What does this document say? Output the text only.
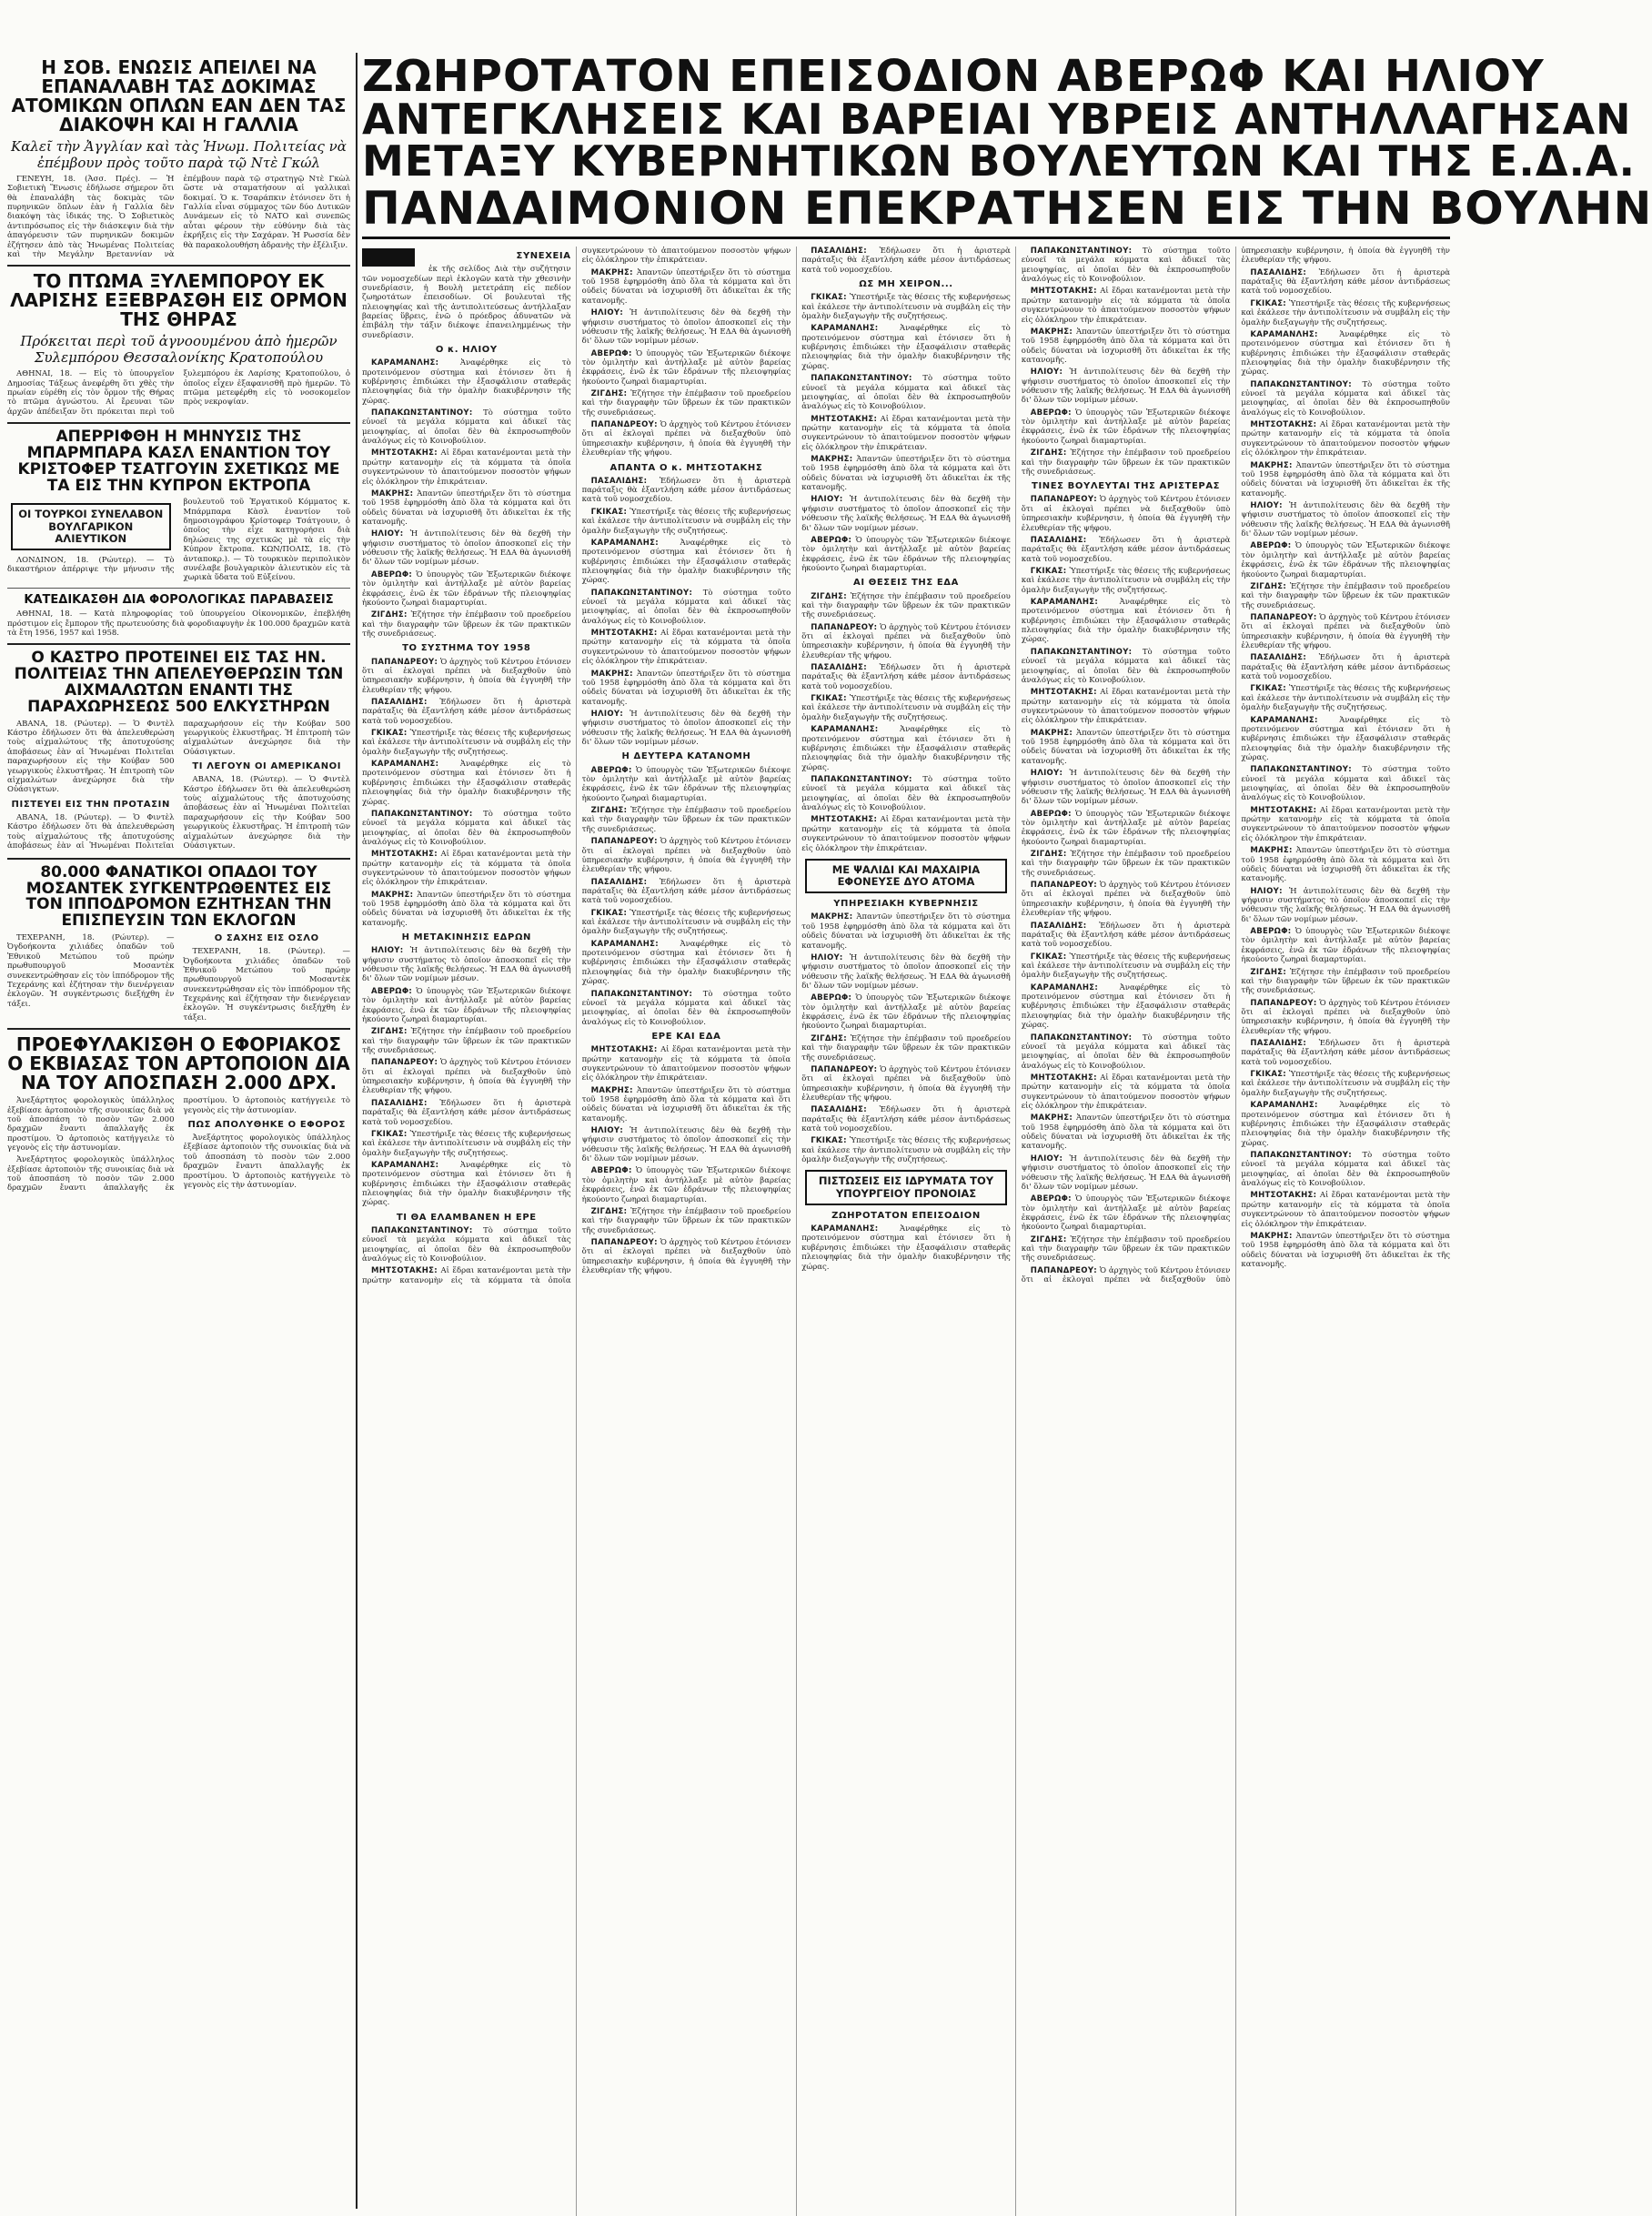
Η ΣΟΒ. ΕΝΩΣΙΣ ΑΠΕΙΛΕΙ ΝΑ ΕΠΑΝΑΛΑΒΗ ΤΑΣ ΔΟΚΙΜΑΣ ΑΤΟΜΙΚΩΝ ΟΠΛΩΝ ΕΑΝ ΔΕΝ ΤΑΣ ΔΙΑΚΟΨΗ ΚΑΙ Η ΓΑΛΛΙΑ
Καλεῖ τὴν Ἀγγλίαν καὶ τὰς Ἡνωμ. Πολιτείας νὰ ἐπέμβουν πρὸς τοῦτο παρὰ τῷ Ντὲ Γκώλ

ΓΕΝΕΥΗ, 18. (Ἀσσ. Πρές). — Ἡ Σοβιετικὴ Ἕνωσις ἐδήλωσε σήμερον ὅτι θὰ ἐπαναλάβη τὰς δοκιμὰς τῶν πυρηνικῶν ὅπλων ἐὰν ἡ Γαλλία δὲν διακόψη τὰς ἰδικάς της. Ὁ Σοβιετικὸς ἀντιπρόσωπος εἰς τὴν διάσκεψιν διὰ τὴν ἀπαγόρευσιν τῶν πυρηνικῶν δοκιμῶν ἐζήτησεν ἀπὸ τὰς Ἡνωμένας Πολιτείας καὶ τὴν Μεγάλην Βρεταννίαν νὰ ἐπέμβουν παρὰ τῷ στρατηγῷ Ντὲ Γκὼλ ὥστε νὰ σταματήσουν αἱ γαλλικαὶ δοκιμαί. Ὁ κ. Τσαράπκιν ἐτόνισεν ὅτι ἡ Γαλλία εἶναι σύμμαχος τῶν δύο Δυτικῶν Δυνάμεων εἰς τὸ ΝΑΤΟ καὶ συνεπῶς αὗται φέρουν τὴν εὐθύνην διὰ τὰς ἐκρήξεις εἰς τὴν Σαχάραν. Ἡ Ρωσσία δὲν θὰ παρακολουθήση ἀδρανὴς τὴν ἐξέλιξιν.

ΤΟ ΠΤΩΜΑ ΞΥΛΕΜΠΟΡΟΥ ΕΚ ΛΑΡΙΣΗΣ ΕΞΕΒΡΑΣΘΗ ΕΙΣ ΟΡΜΟΝ ΤΗΣ ΘΗΡΑΣ
Πρόκειται περὶ τοῦ ἀγνοουμένου ἀπὸ ἡμερῶν Συλεμπόρου Θεσσαλονίκης Κρατοπούλου

ΑΘΗΝΑΙ, 18. — Εἰς τὸ ὑπουργεῖον Δημοσίας Τάξεως ἀνεφέρθη ὅτι χθὲς τὴν πρωίαν εὑρέθη εἰς τὸν ὅρμον τῆς Θήρας τὸ πτῶμα ἀγνώστου. Αἱ ἔρευναι τῶν ἀρχῶν ἀπέδειξαν ὅτι πρόκειται περὶ τοῦ ξυλεμπόρου ἐκ Λαρίσης Κρατοπούλου, ὁ ὁποῖος εἶχεν ἐξαφανισθῆ πρὸ ἡμερῶν. Τὸ πτῶμα μετεφέρθη εἰς τὸ νοσοκομεῖον πρὸς νεκροψίαν.

ΑΠΕΡΡΙΦΘΗ Η ΜΗΝΥΣΙΣ ΤΗΣ ΜΠΑΡΜΠΑΡΑ ΚΑΣΛ ΕΝΑΝΤΙΟΝ ΤΟΥ ΚΡΙΣΤΟΦΕΡ ΤΣΑΤΓΟΥΙΝ ΣΧΕΤΙΚΩΣ ΜΕ ΤΑ ΕΙΣ ΤΗΝ ΚΥΠΡΟΝ ΕΚΤΡΟΠΑ
ΟΙ ΤΟΥΡΚΟΙ ΣΥΝΕΛΑΒΟΝ ΒΟΥΛΓΑΡΙΚΟΝ ΑΛΙΕΥΤΙΚΟΝ

ΛΟΝΔΙΝΟΝ, 18. (Ρώυτερ). — Τὸ δικαστήριον ἀπέρριψε τὴν μήνυσιν τῆς βουλευτοῦ τοῦ Ἐργατικοῦ Κόμματος κ. Μπάρμπαρα Κὰσλ ἐναντίον τοῦ δημοσιογράφου Κρίστοφερ Τσάτγουιν, ὁ ὁποῖος τὴν εἶχε κατηγορήσει διὰ δηλώσεις της σχετικῶς μὲ τὰ εἰς τὴν Κύπρον ἔκτροπα. ΚΩΝ/ΠΟΛΙΣ, 18. (Τὸ ἀνταποκρ.). — Τὸ τουρκικὸν περιπολικὸν συνέλαβε βουλγαρικὸν ἀλιευτικὸν εἰς τὰ χωρικὰ ὕδατα τοῦ Εὐξείνου.

ΚΑΤΕΔΙΚΑΣΘΗ ΔΙΑ ΦΟΡΟΛΟΓΙΚΑΣ ΠΑΡΑΒΑΣΕΙΣ

ΑΘΗΝΑΙ, 18. — Κατὰ πληροφορίας τοῦ ὑπουργείου Οἰκονομικῶν, ἐπεβλήθη πρόστιμον εἰς ἔμπορον τῆς πρωτευούσης διὰ φοροδιαφυγὴν ἐκ 100.000 δραχμῶν κατὰ τὰ ἔτη 1956, 1957 καὶ 1958.

Ο ΚΑΣΤΡΟ ΠΡΟΤΕΙΝΕΙ ΕΙΣ ΤΑΣ ΗΝ. ΠΟΛΙΤΕΙΑΣ ΤΗΝ ΑΠΕΛΕΥΘΕΡΩΣΙΝ ΤΩΝ ΑΙΧΜΑΛΩΤΩΝ ΕΝΑΝΤΙ ΤΗΣ ΠΑΡΑΧΩΡΗΣΕΩΣ 500 ΕΛΚΥΣΤΗΡΩΝ

ΑΒΑΝΑ, 18. (Ρώυτερ). — Ὁ Φιντὲλ Κάστρο ἐδήλωσεν ὅτι θὰ ἀπελευθερώση τοὺς αἰχμαλώτους τῆς ἀποτυχούσης ἀποβάσεως ἐὰν αἱ Ἡνωμέναι Πολιτεῖαι παραχωρήσουν εἰς τὴν Κούβαν 500 γεωργικοὺς ἐλκυστῆρας. Ἡ ἐπιτροπὴ τῶν αἰχμαλώτων ἀνεχώρησε διὰ τὴν Οὐάσιγκτων.

ΠΙΣΤΕΥΕΙ ΕΙΣ ΤΗΝ ΠΡΟΤΑΣΙΝ

ΑΒΑΝΑ, 18. (Ρώυτερ). — Ὁ Φιντὲλ Κάστρο ἐδήλωσεν ὅτι θὰ ἀπελευθερώση τοὺς αἰχμαλώτους τῆς ἀποτυχούσης ἀποβάσεως ἐὰν αἱ Ἡνωμέναι Πολιτεῖαι παραχωρήσουν εἰς τὴν Κούβαν 500 γεωργικοὺς ἐλκυστῆρας. Ἡ ἐπιτροπὴ τῶν αἰχμαλώτων ἀνεχώρησε διὰ τὴν Οὐάσιγκτων.

ΤΙ ΛΕΓΟΥΝ ΟΙ ΑΜΕΡΙΚΑΝΟΙ

ΑΒΑΝΑ, 18. (Ρώυτερ). — Ὁ Φιντὲλ Κάστρο ἐδήλωσεν ὅτι θὰ ἀπελευθερώση τοὺς αἰχμαλώτους τῆς ἀποτυχούσης ἀποβάσεως ἐὰν αἱ Ἡνωμέναι Πολιτεῖαι παραχωρήσουν εἰς τὴν Κούβαν 500 γεωργικοὺς ἐλκυστῆρας. Ἡ ἐπιτροπὴ τῶν αἰχμαλώτων ἀνεχώρησε διὰ τὴν Οὐάσιγκτων.

80.000 ΦΑΝΑΤΙΚΟΙ ΟΠΑΔΟΙ ΤΟΥ ΜΟΣΑΝΤΕΚ ΣΥΓΚΕΝΤΡΩΘΕΝΤΕΣ ΕΙΣ ΤΟΝ ΙΠΠΟΔΡΟΜΟΝ ΕΖΗΤΗΣΑΝ ΤΗΝ ΕΠΙΣΠΕΥΣΙΝ ΤΩΝ ΕΚΛΟΓΩΝ

ΤΕΧΕΡΑΝΗ, 18. (Ρώυτερ). — Ὀγδοήκοντα χιλιάδες ὀπαδῶν τοῦ Ἐθνικοῦ Μετώπου τοῦ πρώην πρωθυπουργοῦ Μοσαντὲκ συνεκεντρώθησαν εἰς τὸν ἱππόδρομον τῆς Τεχεράνης καὶ ἐζήτησαν τὴν διενέργειαν ἐκλογῶν. Ἡ συγκέντρωσις διεξήχθη ἐν τάξει.

Ο ΣΑΧΗΣ ΕΙΣ ΟΣΛΟ

ΤΕΧΕΡΑΝΗ, 18. (Ρώυτερ). — Ὀγδοήκοντα χιλιάδες ὀπαδῶν τοῦ Ἐθνικοῦ Μετώπου τοῦ πρώην πρωθυπουργοῦ Μοσαντὲκ συνεκεντρώθησαν εἰς τὸν ἱππόδρομον τῆς Τεχεράνης καὶ ἐζήτησαν τὴν διενέργειαν ἐκλογῶν. Ἡ συγκέντρωσις διεξήχθη ἐν τάξει.

ΠΡΟΕΦΥΛΑΚΙΣΘΗ Ο ΕΦΟΡΙΑΚΟΣ Ο ΕΚΒΙΑΣΑΣ ΤΟΝ ΑΡΤΟΠΟΙΟΝ ΔΙΑ ΝΑ ΤΟΥ ΑΠΟΣΠΑΣΗ 2.000 ΔΡΧ.

Ἀνεξάρτητος φορολογικὸς ὑπάλληλος ἐξεβίασε ἀρτοποιὸν τῆς συνοικίας διὰ νὰ τοῦ ἀποσπάση τὸ ποσὸν τῶν 2.000 δραχμῶν ἔναντι ἀπαλλαγῆς ἐκ προστίμου. Ὁ ἀρτοποιὸς κατήγγειλε τὸ γεγονὸς εἰς τὴν ἀστυνομίαν.

Ἀνεξάρτητος φορολογικὸς ὑπάλληλος ἐξεβίασε ἀρτοποιὸν τῆς συνοικίας διὰ νὰ τοῦ ἀποσπάση τὸ ποσὸν τῶν 2.000 δραχμῶν ἔναντι ἀπαλλαγῆς ἐκ προστίμου. Ὁ ἀρτοποιὸς κατήγγειλε τὸ γεγονὸς εἰς τὴν ἀστυνομίαν.

ΠΩΣ ΑΠΟΛΥΘΗΚΕ Ο ΕΦΟΡΟΣ

Ἀνεξάρτητος φορολογικὸς ὑπάλληλος ἐξεβίασε ἀρτοποιὸν τῆς συνοικίας διὰ νὰ τοῦ ἀποσπάση τὸ ποσὸν τῶν 2.000 δραχμῶν ἔναντι ἀπαλλαγῆς ἐκ προστίμου. Ὁ ἀρτοποιὸς κατήγγειλε τὸ γεγονὸς εἰς τὴν ἀστυνομίαν.

ΖΩΗΡΟΤΑΤΟΝ ΕΠΕΙΣΟΔΙΟΝ ΑΒΕΡΩΦ ΚΑΙ ΗΛΙΟΥ
ΑΝΤΕΓΚΛΗΣΕΙΣ ΚΑΙ ΒΑΡΕΙΑΙ ΥΒΡΕΙΣ ΑΝΤΗΛΛΑΓΗΣΑΝ
ΜΕΤΑΞΥ ΚΥΒΕΡΝΗΤΙΚΩΝ ΒΟΥΛΕΥΤΩΝ ΚΑΙ ΤΗΣ Ε.Δ.Α.
ΠΑΝΔΑΙΜΟΝΙΟΝ ΕΠΕΚΡΑΤΗΣΕΝ ΕΙΣ ΤΗΝ ΒΟΥΛΗΝ
ΣΥΝΕΧΕΙΑ

ἐκ τῆς σελίδος Διὰ τὴν συζήτησιν τῶν νομοσχεδίων περὶ ἐκλογῶν κατὰ τὴν χθεσινὴν συνεδρίασιν, ἡ Βουλὴ μετετράπη εἰς πεδίον ζωηροτάτων ἐπεισοδίων. Οἱ βουλευταὶ τῆς πλειοψηφίας καὶ τῆς ἀντιπολιτεύσεως ἀντήλλαξαν βαρείας ὕβρεις, ἐνῶ ὁ πρόεδρος ἀδυνατῶν νὰ ἐπιβάλη τὴν τάξιν διέκοψε ἐπανειλημμένως τὴν συνεδρίασιν.

Ο κ. ΗΛΙΟΥ

ΚΑΡΑΜΑΝΛΗΣ: Ἀναφέρθηκε εἰς τὸ προτεινόμενον σύστημα καὶ ἐτόνισεν ὅτι ἡ κυβέρνησις ἐπιδιώκει τὴν ἐξασφάλισιν σταθερᾶς πλειοψηφίας διὰ τὴν ὁμαλὴν διακυβέρνησιν τῆς χώρας.

ΠΑΠΑΚΩΝΣΤΑΝΤΙΝΟΥ: Τὸ σύστημα τοῦτο εὐνοεῖ τὰ μεγάλα κόμματα καὶ ἀδικεῖ τὰς μειοψηφίας, αἱ ὁποῖαι δὲν θὰ ἐκπροσωπηθοῦν ἀναλόγως εἰς τὸ Κοινοβούλιον.

ΜΗΤΣΟΤΑΚΗΣ: Αἱ ἕδραι κατανέμονται μετὰ τὴν πρώτην κατανομὴν εἰς τὰ κόμματα τὰ ὁποῖα συγκεντρώνουν τὸ ἀπαιτούμενον ποσοστὸν ψήφων εἰς ὁλόκληρον τὴν ἐπικράτειαν.

ΜΑΚΡΗΣ: Ἀπαντῶν ὑπεστήριξεν ὅτι τὸ σύστημα τοῦ 1958 ἐφηρμόσθη ἀπὸ ὅλα τὰ κόμματα καὶ ὅτι οὐδεὶς δύναται νὰ ἰσχυρισθῆ ὅτι ἀδικεῖται ἐκ τῆς κατανομῆς.

ΗΛΙΟΥ: Ἡ ἀντιπολίτευσις δὲν θὰ δεχθῆ τὴν ψήφισιν συστήματος τὸ ὁποῖον ἀποσκοπεῖ εἰς τὴν νόθευσιν τῆς λαϊκῆς θελήσεως. Ἡ ΕΔΑ θὰ ἀγωνισθῆ δι' ὅλων τῶν νομίμων μέσων.

ΑΒΕΡΩΦ: Ὁ ὑπουργὸς τῶν Ἐξωτερικῶν διέκοψε τὸν ὁμιλητὴν καὶ ἀντήλλαξε μὲ αὐτὸν βαρείας ἐκφράσεις, ἐνῶ ἐκ τῶν ἐδράνων τῆς πλειοψηφίας ἠκούοντο ζωηραὶ διαμαρτυρίαι.

ΖΙΓΔΗΣ: Ἐζήτησε τὴν ἐπέμβασιν τοῦ προεδρείου καὶ τὴν διαγραφὴν τῶν ὕβρεων ἐκ τῶν πρακτικῶν τῆς συνεδριάσεως.

ΤΟ ΣΥΣΤΗΜΑ ΤΟΥ 1958

ΠΑΠΑΝΔΡΕΟΥ: Ὁ ἀρχηγὸς τοῦ Κέντρου ἐτόνισεν ὅτι αἱ ἐκλογαὶ πρέπει νὰ διεξαχθοῦν ὑπὸ ὑπηρεσιακὴν κυβέρνησιν, ἡ ὁποία θὰ ἐγγυηθῆ τὴν ἐλευθερίαν τῆς ψήφου.

ΠΑΣΑΛΙΔΗΣ: Ἐδήλωσεν ὅτι ἡ ἀριστερὰ παράταξις θὰ ἐξαντλήση κάθε μέσον ἀντιδράσεως κατὰ τοῦ νομοσχεδίου.

ΓΚΙΚΑΣ: Ὑπεστήριξε τὰς θέσεις τῆς κυβερνήσεως καὶ ἐκάλεσε τὴν ἀντιπολίτευσιν νὰ συμβάλη εἰς τὴν ὁμαλὴν διεξαγωγὴν τῆς συζητήσεως.

ΚΑΡΑΜΑΝΛΗΣ: Ἀναφέρθηκε εἰς τὸ προτεινόμενον σύστημα καὶ ἐτόνισεν ὅτι ἡ κυβέρνησις ἐπιδιώκει τὴν ἐξασφάλισιν σταθερᾶς πλειοψηφίας διὰ τὴν ὁμαλὴν διακυβέρνησιν τῆς χώρας.

ΠΑΠΑΚΩΝΣΤΑΝΤΙΝΟΥ: Τὸ σύστημα τοῦτο εὐνοεῖ τὰ μεγάλα κόμματα καὶ ἀδικεῖ τὰς μειοψηφίας, αἱ ὁποῖαι δὲν θὰ ἐκπροσωπηθοῦν ἀναλόγως εἰς τὸ Κοινοβούλιον.

ΜΗΤΣΟΤΑΚΗΣ: Αἱ ἕδραι κατανέμονται μετὰ τὴν πρώτην κατανομὴν εἰς τὰ κόμματα τὰ ὁποῖα συγκεντρώνουν τὸ ἀπαιτούμενον ποσοστὸν ψήφων εἰς ὁλόκληρον τὴν ἐπικράτειαν.

ΜΑΚΡΗΣ: Ἀπαντῶν ὑπεστήριξεν ὅτι τὸ σύστημα τοῦ 1958 ἐφηρμόσθη ἀπὸ ὅλα τὰ κόμματα καὶ ὅτι οὐδεὶς δύναται νὰ ἰσχυρισθῆ ὅτι ἀδικεῖται ἐκ τῆς κατανομῆς.

Η ΜΕΤΑΚΙΝΗΣΙΣ ΕΔΡΩΝ

ΗΛΙΟΥ: Ἡ ἀντιπολίτευσις δὲν θὰ δεχθῆ τὴν ψήφισιν συστήματος τὸ ὁποῖον ἀποσκοπεῖ εἰς τὴν νόθευσιν τῆς λαϊκῆς θελήσεως. Ἡ ΕΔΑ θὰ ἀγωνισθῆ δι' ὅλων τῶν νομίμων μέσων.

ΑΒΕΡΩΦ: Ὁ ὑπουργὸς τῶν Ἐξωτερικῶν διέκοψε τὸν ὁμιλητὴν καὶ ἀντήλλαξε μὲ αὐτὸν βαρείας ἐκφράσεις, ἐνῶ ἐκ τῶν ἐδράνων τῆς πλειοψηφίας ἠκούοντο ζωηραὶ διαμαρτυρίαι.

ΖΙΓΔΗΣ: Ἐζήτησε τὴν ἐπέμβασιν τοῦ προεδρείου καὶ τὴν διαγραφὴν τῶν ὕβρεων ἐκ τῶν πρακτικῶν τῆς συνεδριάσεως.

ΠΑΠΑΝΔΡΕΟΥ: Ὁ ἀρχηγὸς τοῦ Κέντρου ἐτόνισεν ὅτι αἱ ἐκλογαὶ πρέπει νὰ διεξαχθοῦν ὑπὸ ὑπηρεσιακὴν κυβέρνησιν, ἡ ὁποία θὰ ἐγγυηθῆ τὴν ἐλευθερίαν τῆς ψήφου.

ΠΑΣΑΛΙΔΗΣ: Ἐδήλωσεν ὅτι ἡ ἀριστερὰ παράταξις θὰ ἐξαντλήση κάθε μέσον ἀντιδράσεως κατὰ τοῦ νομοσχεδίου.

ΓΚΙΚΑΣ: Ὑπεστήριξε τὰς θέσεις τῆς κυβερνήσεως καὶ ἐκάλεσε τὴν ἀντιπολίτευσιν νὰ συμβάλη εἰς τὴν ὁμαλὴν διεξαγωγὴν τῆς συζητήσεως.

ΚΑΡΑΜΑΝΛΗΣ: Ἀναφέρθηκε εἰς τὸ προτεινόμενον σύστημα καὶ ἐτόνισεν ὅτι ἡ κυβέρνησις ἐπιδιώκει τὴν ἐξασφάλισιν σταθερᾶς πλειοψηφίας διὰ τὴν ὁμαλὴν διακυβέρνησιν τῆς χώρας.

ΤΙ ΘΑ ΕΛΑΜΒΑΝΕΝ Η ΕΡΕ

ΠΑΠΑΚΩΝΣΤΑΝΤΙΝΟΥ: Τὸ σύστημα τοῦτο εὐνοεῖ τὰ μεγάλα κόμματα καὶ ἀδικεῖ τὰς μειοψηφίας, αἱ ὁποῖαι δὲν θὰ ἐκπροσωπηθοῦν ἀναλόγως εἰς τὸ Κοινοβούλιον.

ΜΗΤΣΟΤΑΚΗΣ: Αἱ ἕδραι κατανέμονται μετὰ τὴν πρώτην κατανομὴν εἰς τὰ κόμματα τὰ ὁποῖα συγκεντρώνουν τὸ ἀπαιτούμενον ποσοστὸν ψήφων εἰς ὁλόκληρον τὴν ἐπικράτειαν.

ΜΑΚΡΗΣ: Ἀπαντῶν ὑπεστήριξεν ὅτι τὸ σύστημα τοῦ 1958 ἐφηρμόσθη ἀπὸ ὅλα τὰ κόμματα καὶ ὅτι οὐδεὶς δύναται νὰ ἰσχυρισθῆ ὅτι ἀδικεῖται ἐκ τῆς κατανομῆς.

ΗΛΙΟΥ: Ἡ ἀντιπολίτευσις δὲν θὰ δεχθῆ τὴν ψήφισιν συστήματος τὸ ὁποῖον ἀποσκοπεῖ εἰς τὴν νόθευσιν τῆς λαϊκῆς θελήσεως. Ἡ ΕΔΑ θὰ ἀγωνισθῆ δι' ὅλων τῶν νομίμων μέσων.

ΑΒΕΡΩΦ: Ὁ ὑπουργὸς τῶν Ἐξωτερικῶν διέκοψε τὸν ὁμιλητὴν καὶ ἀντήλλαξε μὲ αὐτὸν βαρείας ἐκφράσεις, ἐνῶ ἐκ τῶν ἐδράνων τῆς πλειοψηφίας ἠκούοντο ζωηραὶ διαμαρτυρίαι.

ΖΙΓΔΗΣ: Ἐζήτησε τὴν ἐπέμβασιν τοῦ προεδρείου καὶ τὴν διαγραφὴν τῶν ὕβρεων ἐκ τῶν πρακτικῶν τῆς συνεδριάσεως.

ΠΑΠΑΝΔΡΕΟΥ: Ὁ ἀρχηγὸς τοῦ Κέντρου ἐτόνισεν ὅτι αἱ ἐκλογαὶ πρέπει νὰ διεξαχθοῦν ὑπὸ ὑπηρεσιακὴν κυβέρνησιν, ἡ ὁποία θὰ ἐγγυηθῆ τὴν ἐλευθερίαν τῆς ψήφου.

ΑΠΑΝΤΑ Ο κ. ΜΗΤΣΟΤΑΚΗΣ

ΠΑΣΑΛΙΔΗΣ: Ἐδήλωσεν ὅτι ἡ ἀριστερὰ παράταξις θὰ ἐξαντλήση κάθε μέσον ἀντιδράσεως κατὰ τοῦ νομοσχεδίου.

ΓΚΙΚΑΣ: Ὑπεστήριξε τὰς θέσεις τῆς κυβερνήσεως καὶ ἐκάλεσε τὴν ἀντιπολίτευσιν νὰ συμβάλη εἰς τὴν ὁμαλὴν διεξαγωγὴν τῆς συζητήσεως.

ΚΑΡΑΜΑΝΛΗΣ: Ἀναφέρθηκε εἰς τὸ προτεινόμενον σύστημα καὶ ἐτόνισεν ὅτι ἡ κυβέρνησις ἐπιδιώκει τὴν ἐξασφάλισιν σταθερᾶς πλειοψηφίας διὰ τὴν ὁμαλὴν διακυβέρνησιν τῆς χώρας.

ΠΑΠΑΚΩΝΣΤΑΝΤΙΝΟΥ: Τὸ σύστημα τοῦτο εὐνοεῖ τὰ μεγάλα κόμματα καὶ ἀδικεῖ τὰς μειοψηφίας, αἱ ὁποῖαι δὲν θὰ ἐκπροσωπηθοῦν ἀναλόγως εἰς τὸ Κοινοβούλιον.

ΜΗΤΣΟΤΑΚΗΣ: Αἱ ἕδραι κατανέμονται μετὰ τὴν πρώτην κατανομὴν εἰς τὰ κόμματα τὰ ὁποῖα συγκεντρώνουν τὸ ἀπαιτούμενον ποσοστὸν ψήφων εἰς ὁλόκληρον τὴν ἐπικράτειαν.

ΜΑΚΡΗΣ: Ἀπαντῶν ὑπεστήριξεν ὅτι τὸ σύστημα τοῦ 1958 ἐφηρμόσθη ἀπὸ ὅλα τὰ κόμματα καὶ ὅτι οὐδεὶς δύναται νὰ ἰσχυρισθῆ ὅτι ἀδικεῖται ἐκ τῆς κατανομῆς.

ΗΛΙΟΥ: Ἡ ἀντιπολίτευσις δὲν θὰ δεχθῆ τὴν ψήφισιν συστήματος τὸ ὁποῖον ἀποσκοπεῖ εἰς τὴν νόθευσιν τῆς λαϊκῆς θελήσεως. Ἡ ΕΔΑ θὰ ἀγωνισθῆ δι' ὅλων τῶν νομίμων μέσων.

Η ΔΕΥΤΕΡΑ ΚΑΤΑΝΟΜΗ

ΑΒΕΡΩΦ: Ὁ ὑπουργὸς τῶν Ἐξωτερικῶν διέκοψε τὸν ὁμιλητὴν καὶ ἀντήλλαξε μὲ αὐτὸν βαρείας ἐκφράσεις, ἐνῶ ἐκ τῶν ἐδράνων τῆς πλειοψηφίας ἠκούοντο ζωηραὶ διαμαρτυρίαι.

ΖΙΓΔΗΣ: Ἐζήτησε τὴν ἐπέμβασιν τοῦ προεδρείου καὶ τὴν διαγραφὴν τῶν ὕβρεων ἐκ τῶν πρακτικῶν τῆς συνεδριάσεως.

ΠΑΠΑΝΔΡΕΟΥ: Ὁ ἀρχηγὸς τοῦ Κέντρου ἐτόνισεν ὅτι αἱ ἐκλογαὶ πρέπει νὰ διεξαχθοῦν ὑπὸ ὑπηρεσιακὴν κυβέρνησιν, ἡ ὁποία θὰ ἐγγυηθῆ τὴν ἐλευθερίαν τῆς ψήφου.

ΠΑΣΑΛΙΔΗΣ: Ἐδήλωσεν ὅτι ἡ ἀριστερὰ παράταξις θὰ ἐξαντλήση κάθε μέσον ἀντιδράσεως κατὰ τοῦ νομοσχεδίου.

ΓΚΙΚΑΣ: Ὑπεστήριξε τὰς θέσεις τῆς κυβερνήσεως καὶ ἐκάλεσε τὴν ἀντιπολίτευσιν νὰ συμβάλη εἰς τὴν ὁμαλὴν διεξαγωγὴν τῆς συζητήσεως.

ΚΑΡΑΜΑΝΛΗΣ: Ἀναφέρθηκε εἰς τὸ προτεινόμενον σύστημα καὶ ἐτόνισεν ὅτι ἡ κυβέρνησις ἐπιδιώκει τὴν ἐξασφάλισιν σταθερᾶς πλειοψηφίας διὰ τὴν ὁμαλὴν διακυβέρνησιν τῆς χώρας.

ΠΑΠΑΚΩΝΣΤΑΝΤΙΝΟΥ: Τὸ σύστημα τοῦτο εὐνοεῖ τὰ μεγάλα κόμματα καὶ ἀδικεῖ τὰς μειοψηφίας, αἱ ὁποῖαι δὲν θὰ ἐκπροσωπηθοῦν ἀναλόγως εἰς τὸ Κοινοβούλιον.

ΕΡΕ ΚΑΙ ΕΔΑ

ΜΗΤΣΟΤΑΚΗΣ: Αἱ ἕδραι κατανέμονται μετὰ τὴν πρώτην κατανομὴν εἰς τὰ κόμματα τὰ ὁποῖα συγκεντρώνουν τὸ ἀπαιτούμενον ποσοστὸν ψήφων εἰς ὁλόκληρον τὴν ἐπικράτειαν.

ΜΑΚΡΗΣ: Ἀπαντῶν ὑπεστήριξεν ὅτι τὸ σύστημα τοῦ 1958 ἐφηρμόσθη ἀπὸ ὅλα τὰ κόμματα καὶ ὅτι οὐδεὶς δύναται νὰ ἰσχυρισθῆ ὅτι ἀδικεῖται ἐκ τῆς κατανομῆς.

ΗΛΙΟΥ: Ἡ ἀντιπολίτευσις δὲν θὰ δεχθῆ τὴν ψήφισιν συστήματος τὸ ὁποῖον ἀποσκοπεῖ εἰς τὴν νόθευσιν τῆς λαϊκῆς θελήσεως. Ἡ ΕΔΑ θὰ ἀγωνισθῆ δι' ὅλων τῶν νομίμων μέσων.

ΑΒΕΡΩΦ: Ὁ ὑπουργὸς τῶν Ἐξωτερικῶν διέκοψε τὸν ὁμιλητὴν καὶ ἀντήλλαξε μὲ αὐτὸν βαρείας ἐκφράσεις, ἐνῶ ἐκ τῶν ἐδράνων τῆς πλειοψηφίας ἠκούοντο ζωηραὶ διαμαρτυρίαι.

ΖΙΓΔΗΣ: Ἐζήτησε τὴν ἐπέμβασιν τοῦ προεδρείου καὶ τὴν διαγραφὴν τῶν ὕβρεων ἐκ τῶν πρακτικῶν τῆς συνεδριάσεως.

ΠΑΠΑΝΔΡΕΟΥ: Ὁ ἀρχηγὸς τοῦ Κέντρου ἐτόνισεν ὅτι αἱ ἐκλογαὶ πρέπει νὰ διεξαχθοῦν ὑπὸ ὑπηρεσιακὴν κυβέρνησιν, ἡ ὁποία θὰ ἐγγυηθῆ τὴν ἐλευθερίαν τῆς ψήφου.

ΠΑΣΑΛΙΔΗΣ: Ἐδήλωσεν ὅτι ἡ ἀριστερὰ παράταξις θὰ ἐξαντλήση κάθε μέσον ἀντιδράσεως κατὰ τοῦ νομοσχεδίου.

ΩΣ ΜΗ ΧΕΙΡΟΝ...

ΓΚΙΚΑΣ: Ὑπεστήριξε τὰς θέσεις τῆς κυβερνήσεως καὶ ἐκάλεσε τὴν ἀντιπολίτευσιν νὰ συμβάλη εἰς τὴν ὁμαλὴν διεξαγωγὴν τῆς συζητήσεως.

ΚΑΡΑΜΑΝΛΗΣ: Ἀναφέρθηκε εἰς τὸ προτεινόμενον σύστημα καὶ ἐτόνισεν ὅτι ἡ κυβέρνησις ἐπιδιώκει τὴν ἐξασφάλισιν σταθερᾶς πλειοψηφίας διὰ τὴν ὁμαλὴν διακυβέρνησιν τῆς χώρας.

ΠΑΠΑΚΩΝΣΤΑΝΤΙΝΟΥ: Τὸ σύστημα τοῦτο εὐνοεῖ τὰ μεγάλα κόμματα καὶ ἀδικεῖ τὰς μειοψηφίας, αἱ ὁποῖαι δὲν θὰ ἐκπροσωπηθοῦν ἀναλόγως εἰς τὸ Κοινοβούλιον.

ΜΗΤΣΟΤΑΚΗΣ: Αἱ ἕδραι κατανέμονται μετὰ τὴν πρώτην κατανομὴν εἰς τὰ κόμματα τὰ ὁποῖα συγκεντρώνουν τὸ ἀπαιτούμενον ποσοστὸν ψήφων εἰς ὁλόκληρον τὴν ἐπικράτειαν.

ΜΑΚΡΗΣ: Ἀπαντῶν ὑπεστήριξεν ὅτι τὸ σύστημα τοῦ 1958 ἐφηρμόσθη ἀπὸ ὅλα τὰ κόμματα καὶ ὅτι οὐδεὶς δύναται νὰ ἰσχυρισθῆ ὅτι ἀδικεῖται ἐκ τῆς κατανομῆς.

ΗΛΙΟΥ: Ἡ ἀντιπολίτευσις δὲν θὰ δεχθῆ τὴν ψήφισιν συστήματος τὸ ὁποῖον ἀποσκοπεῖ εἰς τὴν νόθευσιν τῆς λαϊκῆς θελήσεως. Ἡ ΕΔΑ θὰ ἀγωνισθῆ δι' ὅλων τῶν νομίμων μέσων.

ΑΒΕΡΩΦ: Ὁ ὑπουργὸς τῶν Ἐξωτερικῶν διέκοψε τὸν ὁμιλητὴν καὶ ἀντήλλαξε μὲ αὐτὸν βαρείας ἐκφράσεις, ἐνῶ ἐκ τῶν ἐδράνων τῆς πλειοψηφίας ἠκούοντο ζωηραὶ διαμαρτυρίαι.

ΑΙ ΘΕΣΕΙΣ ΤΗΣ ΕΔΑ

ΖΙΓΔΗΣ: Ἐζήτησε τὴν ἐπέμβασιν τοῦ προεδρείου καὶ τὴν διαγραφὴν τῶν ὕβρεων ἐκ τῶν πρακτικῶν τῆς συνεδριάσεως.

ΠΑΠΑΝΔΡΕΟΥ: Ὁ ἀρχηγὸς τοῦ Κέντρου ἐτόνισεν ὅτι αἱ ἐκλογαὶ πρέπει νὰ διεξαχθοῦν ὑπὸ ὑπηρεσιακὴν κυβέρνησιν, ἡ ὁποία θὰ ἐγγυηθῆ τὴν ἐλευθερίαν τῆς ψήφου.

ΠΑΣΑΛΙΔΗΣ: Ἐδήλωσεν ὅτι ἡ ἀριστερὰ παράταξις θὰ ἐξαντλήση κάθε μέσον ἀντιδράσεως κατὰ τοῦ νομοσχεδίου.

ΓΚΙΚΑΣ: Ὑπεστήριξε τὰς θέσεις τῆς κυβερνήσεως καὶ ἐκάλεσε τὴν ἀντιπολίτευσιν νὰ συμβάλη εἰς τὴν ὁμαλὴν διεξαγωγὴν τῆς συζητήσεως.

ΚΑΡΑΜΑΝΛΗΣ: Ἀναφέρθηκε εἰς τὸ προτεινόμενον σύστημα καὶ ἐτόνισεν ὅτι ἡ κυβέρνησις ἐπιδιώκει τὴν ἐξασφάλισιν σταθερᾶς πλειοψηφίας διὰ τὴν ὁμαλὴν διακυβέρνησιν τῆς χώρας.

ΠΑΠΑΚΩΝΣΤΑΝΤΙΝΟΥ: Τὸ σύστημα τοῦτο εὐνοεῖ τὰ μεγάλα κόμματα καὶ ἀδικεῖ τὰς μειοψηφίας, αἱ ὁποῖαι δὲν θὰ ἐκπροσωπηθοῦν ἀναλόγως εἰς τὸ Κοινοβούλιον.

ΜΗΤΣΟΤΑΚΗΣ: Αἱ ἕδραι κατανέμονται μετὰ τὴν πρώτην κατανομὴν εἰς τὰ κόμματα τὰ ὁποῖα συγκεντρώνουν τὸ ἀπαιτούμενον ποσοστὸν ψήφων εἰς ὁλόκληρον τὴν ἐπικράτειαν.

ΜΕ ΨΑΛΙΔΙ ΚΑΙ ΜΑΧΑΙΡΙΑ ΕΦΟΝΕΥΣΕ ΔΥΟ ΑΤΟΜΑ
ΥΠΗΡΕΣΙΑΚΗ ΚΥΒΕΡΝΗΣΙΣ

ΜΑΚΡΗΣ: Ἀπαντῶν ὑπεστήριξεν ὅτι τὸ σύστημα τοῦ 1958 ἐφηρμόσθη ἀπὸ ὅλα τὰ κόμματα καὶ ὅτι οὐδεὶς δύναται νὰ ἰσχυρισθῆ ὅτι ἀδικεῖται ἐκ τῆς κατανομῆς.

ΗΛΙΟΥ: Ἡ ἀντιπολίτευσις δὲν θὰ δεχθῆ τὴν ψήφισιν συστήματος τὸ ὁποῖον ἀποσκοπεῖ εἰς τὴν νόθευσιν τῆς λαϊκῆς θελήσεως. Ἡ ΕΔΑ θὰ ἀγωνισθῆ δι' ὅλων τῶν νομίμων μέσων.

ΑΒΕΡΩΦ: Ὁ ὑπουργὸς τῶν Ἐξωτερικῶν διέκοψε τὸν ὁμιλητὴν καὶ ἀντήλλαξε μὲ αὐτὸν βαρείας ἐκφράσεις, ἐνῶ ἐκ τῶν ἐδράνων τῆς πλειοψηφίας ἠκούοντο ζωηραὶ διαμαρτυρίαι.

ΖΙΓΔΗΣ: Ἐζήτησε τὴν ἐπέμβασιν τοῦ προεδρείου καὶ τὴν διαγραφὴν τῶν ὕβρεων ἐκ τῶν πρακτικῶν τῆς συνεδριάσεως.

ΠΑΠΑΝΔΡΕΟΥ: Ὁ ἀρχηγὸς τοῦ Κέντρου ἐτόνισεν ὅτι αἱ ἐκλογαὶ πρέπει νὰ διεξαχθοῦν ὑπὸ ὑπηρεσιακὴν κυβέρνησιν, ἡ ὁποία θὰ ἐγγυηθῆ τὴν ἐλευθερίαν τῆς ψήφου.

ΠΑΣΑΛΙΔΗΣ: Ἐδήλωσεν ὅτι ἡ ἀριστερὰ παράταξις θὰ ἐξαντλήση κάθε μέσον ἀντιδράσεως κατὰ τοῦ νομοσχεδίου.

ΓΚΙΚΑΣ: Ὑπεστήριξε τὰς θέσεις τῆς κυβερνήσεως καὶ ἐκάλεσε τὴν ἀντιπολίτευσιν νὰ συμβάλη εἰς τὴν ὁμαλὴν διεξαγωγὴν τῆς συζητήσεως.

ΠΙΣΤΩΣΕΙΣ ΕΙΣ ΙΔΡΥΜΑΤΑ ΤΟΥ ΥΠΟΥΡΓΕΙΟΥ ΠΡΟΝΟΙΑΣ
ΖΩΗΡΟΤΑΤΟΝ ΕΠΕΙΣΟΔΙΟΝ

ΚΑΡΑΜΑΝΛΗΣ: Ἀναφέρθηκε εἰς τὸ προτεινόμενον σύστημα καὶ ἐτόνισεν ὅτι ἡ κυβέρνησις ἐπιδιώκει τὴν ἐξασφάλισιν σταθερᾶς πλειοψηφίας διὰ τὴν ὁμαλὴν διακυβέρνησιν τῆς χώρας.

ΠΑΠΑΚΩΝΣΤΑΝΤΙΝΟΥ: Τὸ σύστημα τοῦτο εὐνοεῖ τὰ μεγάλα κόμματα καὶ ἀδικεῖ τὰς μειοψηφίας, αἱ ὁποῖαι δὲν θὰ ἐκπροσωπηθοῦν ἀναλόγως εἰς τὸ Κοινοβούλιον.

ΜΗΤΣΟΤΑΚΗΣ: Αἱ ἕδραι κατανέμονται μετὰ τὴν πρώτην κατανομὴν εἰς τὰ κόμματα τὰ ὁποῖα συγκεντρώνουν τὸ ἀπαιτούμενον ποσοστὸν ψήφων εἰς ὁλόκληρον τὴν ἐπικράτειαν.

ΜΑΚΡΗΣ: Ἀπαντῶν ὑπεστήριξεν ὅτι τὸ σύστημα τοῦ 1958 ἐφηρμόσθη ἀπὸ ὅλα τὰ κόμματα καὶ ὅτι οὐδεὶς δύναται νὰ ἰσχυρισθῆ ὅτι ἀδικεῖται ἐκ τῆς κατανομῆς.

ΗΛΙΟΥ: Ἡ ἀντιπολίτευσις δὲν θὰ δεχθῆ τὴν ψήφισιν συστήματος τὸ ὁποῖον ἀποσκοπεῖ εἰς τὴν νόθευσιν τῆς λαϊκῆς θελήσεως. Ἡ ΕΔΑ θὰ ἀγωνισθῆ δι' ὅλων τῶν νομίμων μέσων.

ΑΒΕΡΩΦ: Ὁ ὑπουργὸς τῶν Ἐξωτερικῶν διέκοψε τὸν ὁμιλητὴν καὶ ἀντήλλαξε μὲ αὐτὸν βαρείας ἐκφράσεις, ἐνῶ ἐκ τῶν ἐδράνων τῆς πλειοψηφίας ἠκούοντο ζωηραὶ διαμαρτυρίαι.

ΖΙΓΔΗΣ: Ἐζήτησε τὴν ἐπέμβασιν τοῦ προεδρείου καὶ τὴν διαγραφὴν τῶν ὕβρεων ἐκ τῶν πρακτικῶν τῆς συνεδριάσεως.

ΤΙΝΕΣ ΒΟΥΛΕΥΤΑΙ ΤΗΣ ΑΡΙΣΤΕΡΑΣ

ΠΑΠΑΝΔΡΕΟΥ: Ὁ ἀρχηγὸς τοῦ Κέντρου ἐτόνισεν ὅτι αἱ ἐκλογαὶ πρέπει νὰ διεξαχθοῦν ὑπὸ ὑπηρεσιακὴν κυβέρνησιν, ἡ ὁποία θὰ ἐγγυηθῆ τὴν ἐλευθερίαν τῆς ψήφου.

ΠΑΣΑΛΙΔΗΣ: Ἐδήλωσεν ὅτι ἡ ἀριστερὰ παράταξις θὰ ἐξαντλήση κάθε μέσον ἀντιδράσεως κατὰ τοῦ νομοσχεδίου.

ΓΚΙΚΑΣ: Ὑπεστήριξε τὰς θέσεις τῆς κυβερνήσεως καὶ ἐκάλεσε τὴν ἀντιπολίτευσιν νὰ συμβάλη εἰς τὴν ὁμαλὴν διεξαγωγὴν τῆς συζητήσεως.

ΚΑΡΑΜΑΝΛΗΣ: Ἀναφέρθηκε εἰς τὸ προτεινόμενον σύστημα καὶ ἐτόνισεν ὅτι ἡ κυβέρνησις ἐπιδιώκει τὴν ἐξασφάλισιν σταθερᾶς πλειοψηφίας διὰ τὴν ὁμαλὴν διακυβέρνησιν τῆς χώρας.

ΠΑΠΑΚΩΝΣΤΑΝΤΙΝΟΥ: Τὸ σύστημα τοῦτο εὐνοεῖ τὰ μεγάλα κόμματα καὶ ἀδικεῖ τὰς μειοψηφίας, αἱ ὁποῖαι δὲν θὰ ἐκπροσωπηθοῦν ἀναλόγως εἰς τὸ Κοινοβούλιον.

ΜΗΤΣΟΤΑΚΗΣ: Αἱ ἕδραι κατανέμονται μετὰ τὴν πρώτην κατανομὴν εἰς τὰ κόμματα τὰ ὁποῖα συγκεντρώνουν τὸ ἀπαιτούμενον ποσοστὸν ψήφων εἰς ὁλόκληρον τὴν ἐπικράτειαν.

ΜΑΚΡΗΣ: Ἀπαντῶν ὑπεστήριξεν ὅτι τὸ σύστημα τοῦ 1958 ἐφηρμόσθη ἀπὸ ὅλα τὰ κόμματα καὶ ὅτι οὐδεὶς δύναται νὰ ἰσχυρισθῆ ὅτι ἀδικεῖται ἐκ τῆς κατανομῆς.

ΗΛΙΟΥ: Ἡ ἀντιπολίτευσις δὲν θὰ δεχθῆ τὴν ψήφισιν συστήματος τὸ ὁποῖον ἀποσκοπεῖ εἰς τὴν νόθευσιν τῆς λαϊκῆς θελήσεως. Ἡ ΕΔΑ θὰ ἀγωνισθῆ δι' ὅλων τῶν νομίμων μέσων.

ΑΒΕΡΩΦ: Ὁ ὑπουργὸς τῶν Ἐξωτερικῶν διέκοψε τὸν ὁμιλητὴν καὶ ἀντήλλαξε μὲ αὐτὸν βαρείας ἐκφράσεις, ἐνῶ ἐκ τῶν ἐδράνων τῆς πλειοψηφίας ἠκούοντο ζωηραὶ διαμαρτυρίαι.

ΖΙΓΔΗΣ: Ἐζήτησε τὴν ἐπέμβασιν τοῦ προεδρείου καὶ τὴν διαγραφὴν τῶν ὕβρεων ἐκ τῶν πρακτικῶν τῆς συνεδριάσεως.

ΠΑΠΑΝΔΡΕΟΥ: Ὁ ἀρχηγὸς τοῦ Κέντρου ἐτόνισεν ὅτι αἱ ἐκλογαὶ πρέπει νὰ διεξαχθοῦν ὑπὸ ὑπηρεσιακὴν κυβέρνησιν, ἡ ὁποία θὰ ἐγγυηθῆ τὴν ἐλευθερίαν τῆς ψήφου.

ΠΑΣΑΛΙΔΗΣ: Ἐδήλωσεν ὅτι ἡ ἀριστερὰ παράταξις θὰ ἐξαντλήση κάθε μέσον ἀντιδράσεως κατὰ τοῦ νομοσχεδίου.

ΓΚΙΚΑΣ: Ὑπεστήριξε τὰς θέσεις τῆς κυβερνήσεως καὶ ἐκάλεσε τὴν ἀντιπολίτευσιν νὰ συμβάλη εἰς τὴν ὁμαλὴν διεξαγωγὴν τῆς συζητήσεως.

ΚΑΡΑΜΑΝΛΗΣ: Ἀναφέρθηκε εἰς τὸ προτεινόμενον σύστημα καὶ ἐτόνισεν ὅτι ἡ κυβέρνησις ἐπιδιώκει τὴν ἐξασφάλισιν σταθερᾶς πλειοψηφίας διὰ τὴν ὁμαλὴν διακυβέρνησιν τῆς χώρας.

ΠΑΠΑΚΩΝΣΤΑΝΤΙΝΟΥ: Τὸ σύστημα τοῦτο εὐνοεῖ τὰ μεγάλα κόμματα καὶ ἀδικεῖ τὰς μειοψηφίας, αἱ ὁποῖαι δὲν θὰ ἐκπροσωπηθοῦν ἀναλόγως εἰς τὸ Κοινοβούλιον.

ΜΗΤΣΟΤΑΚΗΣ: Αἱ ἕδραι κατανέμονται μετὰ τὴν πρώτην κατανομὴν εἰς τὰ κόμματα τὰ ὁποῖα συγκεντρώνουν τὸ ἀπαιτούμενον ποσοστὸν ψήφων εἰς ὁλόκληρον τὴν ἐπικράτειαν.

ΜΑΚΡΗΣ: Ἀπαντῶν ὑπεστήριξεν ὅτι τὸ σύστημα τοῦ 1958 ἐφηρμόσθη ἀπὸ ὅλα τὰ κόμματα καὶ ὅτι οὐδεὶς δύναται νὰ ἰσχυρισθῆ ὅτι ἀδικεῖται ἐκ τῆς κατανομῆς.

ΗΛΙΟΥ: Ἡ ἀντιπολίτευσις δὲν θὰ δεχθῆ τὴν ψήφισιν συστήματος τὸ ὁποῖον ἀποσκοπεῖ εἰς τὴν νόθευσιν τῆς λαϊκῆς θελήσεως. Ἡ ΕΔΑ θὰ ἀγωνισθῆ δι' ὅλων τῶν νομίμων μέσων.

ΑΒΕΡΩΦ: Ὁ ὑπουργὸς τῶν Ἐξωτερικῶν διέκοψε τὸν ὁμιλητὴν καὶ ἀντήλλαξε μὲ αὐτὸν βαρείας ἐκφράσεις, ἐνῶ ἐκ τῶν ἐδράνων τῆς πλειοψηφίας ἠκούοντο ζωηραὶ διαμαρτυρίαι.

ΖΙΓΔΗΣ: Ἐζήτησε τὴν ἐπέμβασιν τοῦ προεδρείου καὶ τὴν διαγραφὴν τῶν ὕβρεων ἐκ τῶν πρακτικῶν τῆς συνεδριάσεως.

ΠΑΠΑΝΔΡΕΟΥ: Ὁ ἀρχηγὸς τοῦ Κέντρου ἐτόνισεν ὅτι αἱ ἐκλογαὶ πρέπει νὰ διεξαχθοῦν ὑπὸ ὑπηρεσιακὴν κυβέρνησιν, ἡ ὁποία θὰ ἐγγυηθῆ τὴν ἐλευθερίαν τῆς ψήφου.

ΠΑΣΑΛΙΔΗΣ: Ἐδήλωσεν ὅτι ἡ ἀριστερὰ παράταξις θὰ ἐξαντλήση κάθε μέσον ἀντιδράσεως κατὰ τοῦ νομοσχεδίου.

ΓΚΙΚΑΣ: Ὑπεστήριξε τὰς θέσεις τῆς κυβερνήσεως καὶ ἐκάλεσε τὴν ἀντιπολίτευσιν νὰ συμβάλη εἰς τὴν ὁμαλὴν διεξαγωγὴν τῆς συζητήσεως.

ΚΑΡΑΜΑΝΛΗΣ: Ἀναφέρθηκε εἰς τὸ προτεινόμενον σύστημα καὶ ἐτόνισεν ὅτι ἡ κυβέρνησις ἐπιδιώκει τὴν ἐξασφάλισιν σταθερᾶς πλειοψηφίας διὰ τὴν ὁμαλὴν διακυβέρνησιν τῆς χώρας.

ΠΑΠΑΚΩΝΣΤΑΝΤΙΝΟΥ: Τὸ σύστημα τοῦτο εὐνοεῖ τὰ μεγάλα κόμματα καὶ ἀδικεῖ τὰς μειοψηφίας, αἱ ὁποῖαι δὲν θὰ ἐκπροσωπηθοῦν ἀναλόγως εἰς τὸ Κοινοβούλιον.

ΜΗΤΣΟΤΑΚΗΣ: Αἱ ἕδραι κατανέμονται μετὰ τὴν πρώτην κατανομὴν εἰς τὰ κόμματα τὰ ὁποῖα συγκεντρώνουν τὸ ἀπαιτούμενον ποσοστὸν ψήφων εἰς ὁλόκληρον τὴν ἐπικράτειαν.

ΜΑΚΡΗΣ: Ἀπαντῶν ὑπεστήριξεν ὅτι τὸ σύστημα τοῦ 1958 ἐφηρμόσθη ἀπὸ ὅλα τὰ κόμματα καὶ ὅτι οὐδεὶς δύναται νὰ ἰσχυρισθῆ ὅτι ἀδικεῖται ἐκ τῆς κατανομῆς.

ΗΛΙΟΥ: Ἡ ἀντιπολίτευσις δὲν θὰ δεχθῆ τὴν ψήφισιν συστήματος τὸ ὁποῖον ἀποσκοπεῖ εἰς τὴν νόθευσιν τῆς λαϊκῆς θελήσεως. Ἡ ΕΔΑ θὰ ἀγωνισθῆ δι' ὅλων τῶν νομίμων μέσων.

ΑΒΕΡΩΦ: Ὁ ὑπουργὸς τῶν Ἐξωτερικῶν διέκοψε τὸν ὁμιλητὴν καὶ ἀντήλλαξε μὲ αὐτὸν βαρείας ἐκφράσεις, ἐνῶ ἐκ τῶν ἐδράνων τῆς πλειοψηφίας ἠκούοντο ζωηραὶ διαμαρτυρίαι.

ΖΙΓΔΗΣ: Ἐζήτησε τὴν ἐπέμβασιν τοῦ προεδρείου καὶ τὴν διαγραφὴν τῶν ὕβρεων ἐκ τῶν πρακτικῶν τῆς συνεδριάσεως.

ΠΑΠΑΝΔΡΕΟΥ: Ὁ ἀρχηγὸς τοῦ Κέντρου ἐτόνισεν ὅτι αἱ ἐκλογαὶ πρέπει νὰ διεξαχθοῦν ὑπὸ ὑπηρεσιακὴν κυβέρνησιν, ἡ ὁποία θὰ ἐγγυηθῆ τὴν ἐλευθερίαν τῆς ψήφου.

ΠΑΣΑΛΙΔΗΣ: Ἐδήλωσεν ὅτι ἡ ἀριστερὰ παράταξις θὰ ἐξαντλήση κάθε μέσον ἀντιδράσεως κατὰ τοῦ νομοσχεδίου.

ΓΚΙΚΑΣ: Ὑπεστήριξε τὰς θέσεις τῆς κυβερνήσεως καὶ ἐκάλεσε τὴν ἀντιπολίτευσιν νὰ συμβάλη εἰς τὴν ὁμαλὴν διεξαγωγὴν τῆς συζητήσεως.

ΚΑΡΑΜΑΝΛΗΣ: Ἀναφέρθηκε εἰς τὸ προτεινόμενον σύστημα καὶ ἐτόνισεν ὅτι ἡ κυβέρνησις ἐπιδιώκει τὴν ἐξασφάλισιν σταθερᾶς πλειοψηφίας διὰ τὴν ὁμαλὴν διακυβέρνησιν τῆς χώρας.

ΠΑΠΑΚΩΝΣΤΑΝΤΙΝΟΥ: Τὸ σύστημα τοῦτο εὐνοεῖ τὰ μεγάλα κόμματα καὶ ἀδικεῖ τὰς μειοψηφίας, αἱ ὁποῖαι δὲν θὰ ἐκπροσωπηθοῦν ἀναλόγως εἰς τὸ Κοινοβούλιον.

ΜΗΤΣΟΤΑΚΗΣ: Αἱ ἕδραι κατανέμονται μετὰ τὴν πρώτην κατανομὴν εἰς τὰ κόμματα τὰ ὁποῖα συγκεντρώνουν τὸ ἀπαιτούμενον ποσοστὸν ψήφων εἰς ὁλόκληρον τὴν ἐπικράτειαν.

ΜΑΚΡΗΣ: Ἀπαντῶν ὑπεστήριξεν ὅτι τὸ σύστημα τοῦ 1958 ἐφηρμόσθη ἀπὸ ὅλα τὰ κόμματα καὶ ὅτι οὐδεὶς δύναται νὰ ἰσχυρισθῆ ὅτι ἀδικεῖται ἐκ τῆς κατανομῆς.

ΗΛΙΟΥ: Ἡ ἀντιπολίτευσις δὲν θὰ δεχθῆ τὴν ψήφισιν συστήματος τὸ ὁποῖον ἀποσκοπεῖ εἰς τὴν νόθευσιν τῆς λαϊκῆς θελήσεως. Ἡ ΕΔΑ θὰ ἀγωνισθῆ δι' ὅλων τῶν νομίμων μέσων.

ΑΒΕΡΩΦ: Ὁ ὑπουργὸς τῶν Ἐξωτερικῶν διέκοψε τὸν ὁμιλητὴν καὶ ἀντήλλαξε μὲ αὐτὸν βαρείας ἐκφράσεις, ἐνῶ ἐκ τῶν ἐδράνων τῆς πλειοψηφίας ἠκούοντο ζωηραὶ διαμαρτυρίαι.

ΖΙΓΔΗΣ: Ἐζήτησε τὴν ἐπέμβασιν τοῦ προεδρείου καὶ τὴν διαγραφὴν τῶν ὕβρεων ἐκ τῶν πρακτικῶν τῆς συνεδριάσεως.

ΠΑΠΑΝΔΡΕΟΥ: Ὁ ἀρχηγὸς τοῦ Κέντρου ἐτόνισεν ὅτι αἱ ἐκλογαὶ πρέπει νὰ διεξαχθοῦν ὑπὸ ὑπηρεσιακὴν κυβέρνησιν, ἡ ὁποία θὰ ἐγγυηθῆ τὴν ἐλευθερίαν τῆς ψήφου.

ΠΑΣΑΛΙΔΗΣ: Ἐδήλωσεν ὅτι ἡ ἀριστερὰ παράταξις θὰ ἐξαντλήση κάθε μέσον ἀντιδράσεως κατὰ τοῦ νομοσχεδίου.

ΓΚΙΚΑΣ: Ὑπεστήριξε τὰς θέσεις τῆς κυβερνήσεως καὶ ἐκάλεσε τὴν ἀντιπολίτευσιν νὰ συμβάλη εἰς τὴν ὁμαλὴν διεξαγωγὴν τῆς συζητήσεως.

ΚΑΡΑΜΑΝΛΗΣ: Ἀναφέρθηκε εἰς τὸ προτεινόμενον σύστημα καὶ ἐτόνισεν ὅτι ἡ κυβέρνησις ἐπιδιώκει τὴν ἐξασφάλισιν σταθερᾶς πλειοψηφίας διὰ τὴν ὁμαλὴν διακυβέρνησιν τῆς χώρας.

ΠΑΠΑΚΩΝΣΤΑΝΤΙΝΟΥ: Τὸ σύστημα τοῦτο εὐνοεῖ τὰ μεγάλα κόμματα καὶ ἀδικεῖ τὰς μειοψηφίας, αἱ ὁποῖαι δὲν θὰ ἐκπροσωπηθοῦν ἀναλόγως εἰς τὸ Κοινοβούλιον.

ΜΗΤΣΟΤΑΚΗΣ: Αἱ ἕδραι κατανέμονται μετὰ τὴν πρώτην κατανομὴν εἰς τὰ κόμματα τὰ ὁποῖα συγκεντρώνουν τὸ ἀπαιτούμενον ποσοστὸν ψήφων εἰς ὁλόκληρον τὴν ἐπικράτειαν.

ΜΑΚΡΗΣ: Ἀπαντῶν ὑπεστήριξεν ὅτι τὸ σύστημα τοῦ 1958 ἐφηρμόσθη ἀπὸ ὅλα τὰ κόμματα καὶ ὅτι οὐδεὶς δύναται νὰ ἰσχυρισθῆ ὅτι ἀδικεῖται ἐκ τῆς κατανομῆς.
